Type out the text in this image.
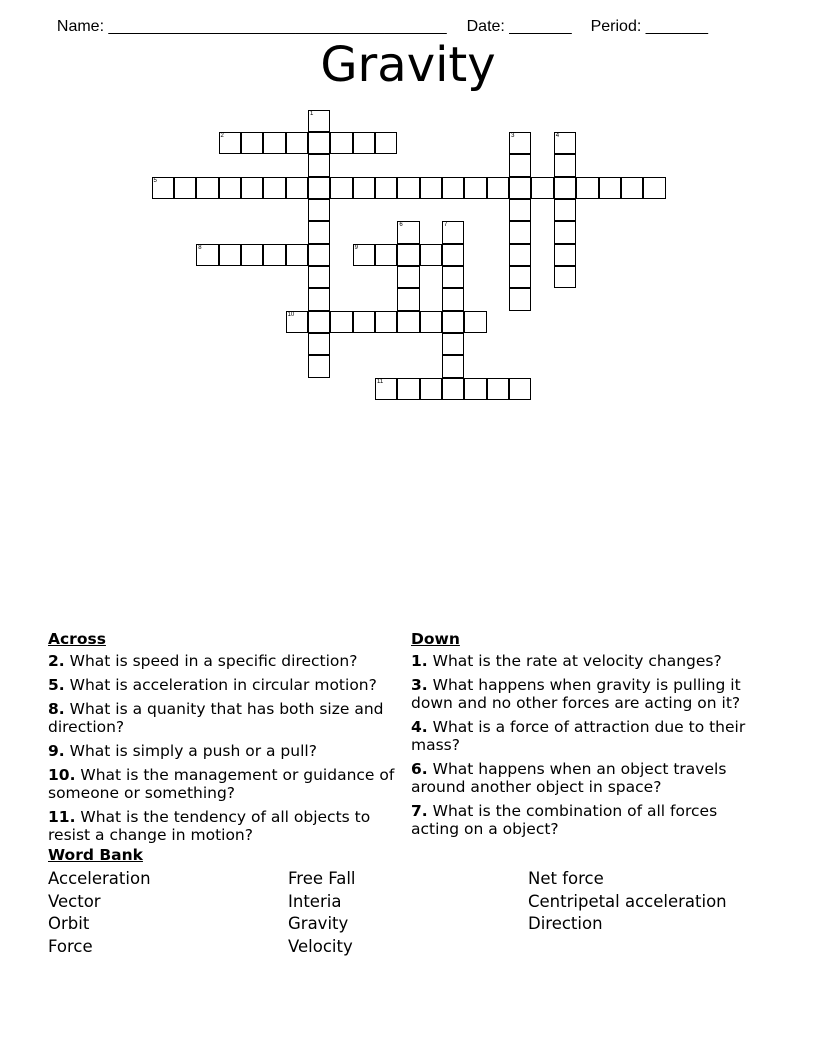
Name: ______________________________________ Date: _______ Period: _______

Gravity
2
5
8	9
10
11
1
3	4
6	7
Across
2. What is speed in a specific direction?
5. What is acceleration in circular motion?
8. What is a quanity that has both size and direction?
9. What is simply a push or a pull?
10. What is the management or guidance of someone or something?
11. What is the tendency of all objects to resist a change in motion?
Down
1. What is the rate at velocity changes?
3. What happens when gravity is pulling it down and no other forces are acting on it?
4. What is a force of attraction due to their mass?
6. What happens when an object travels around another object in space?
7. What is the combination of all forces acting on a object?
Word Bank
Acceleration
Vector
Orbit
Force
Free Fall
Interia
Gravity
Velocity
Net force
Centripetal acceleration
Direction
